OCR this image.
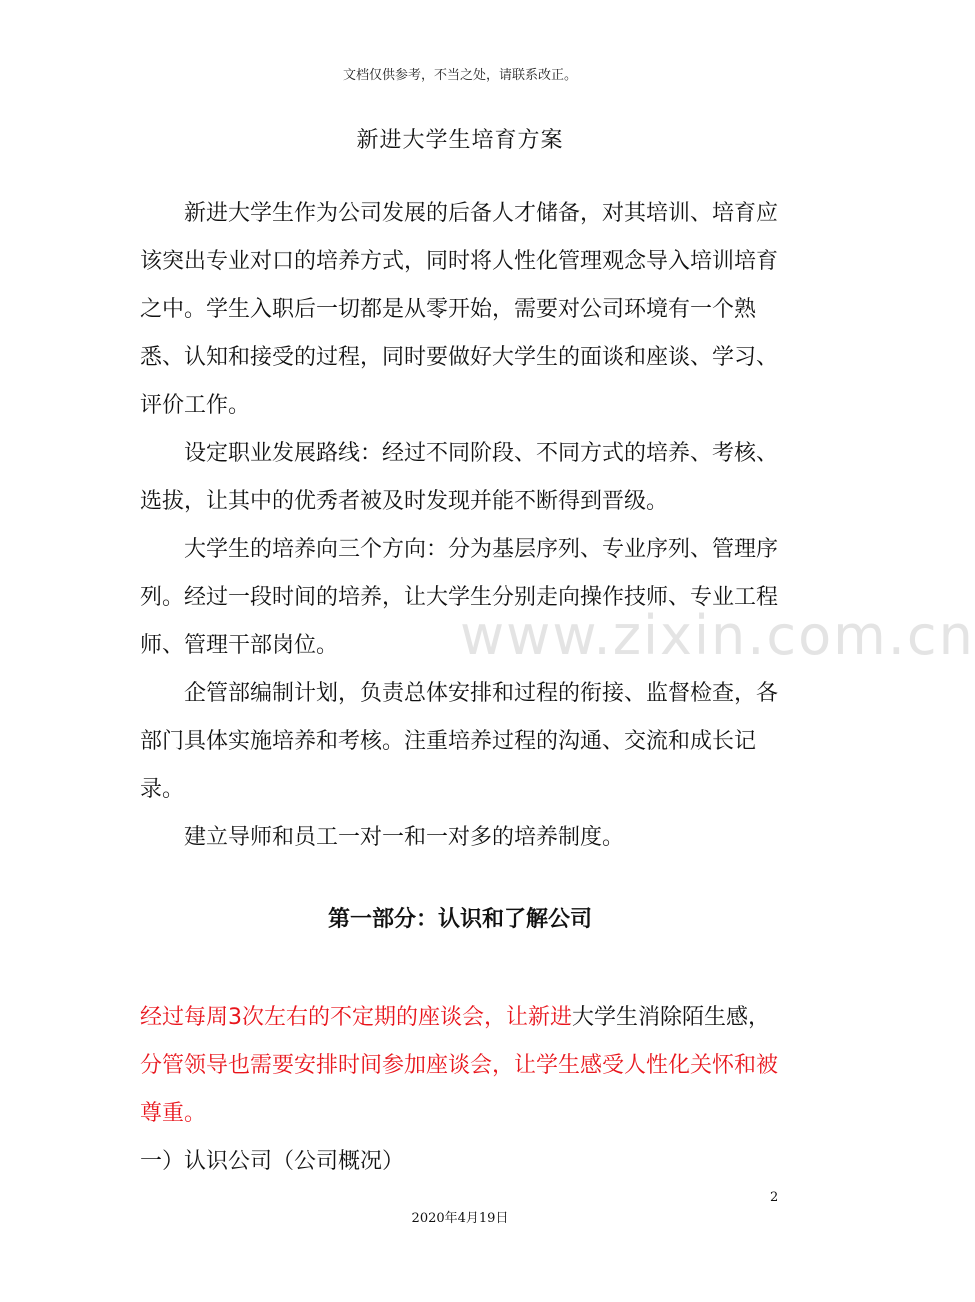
文档仅供参考，不当之处，请联系改正。
新进大学生培育方案
www.zixin.com.cn

新进大学生作为公司发展的后备人才储备，对其培训、培育应该突出专业对口的培养方式，同时将人性化管理观念导入培训培育之中。学生入职后一切都是从零开始，需要对公司环境有一个熟悉、认知和接受的过程，同时要做好大学生的面谈和座谈、学习、评价工作。

设定职业发展路线：经过不同阶段、不同方式的培养、考核、选拔，让其中的优秀者被及时发现并能不断得到晋级。

大学生的培养向三个方向：分为基层序列、专业序列、管理序列。经过一段时间的培养，让大学生分别走向操作技师、专业工程师、管理干部岗位。

企管部编制计划，负责总体安排和过程的衔接、监督检查，各部门具体实施培养和考核。注重培养过程的沟通、交流和成长记录。

建立导师和员工一对一和一对多的培养制度。

第一部分：认识和了解公司

经过每周3次左右的不定期的座谈会，让新进大学生消除陌生感，分管领导也需要安排时间参加座谈会，让学生感受人性化关怀和被尊重。

一）认识公司（公司概况）
2
2020年4月19日
